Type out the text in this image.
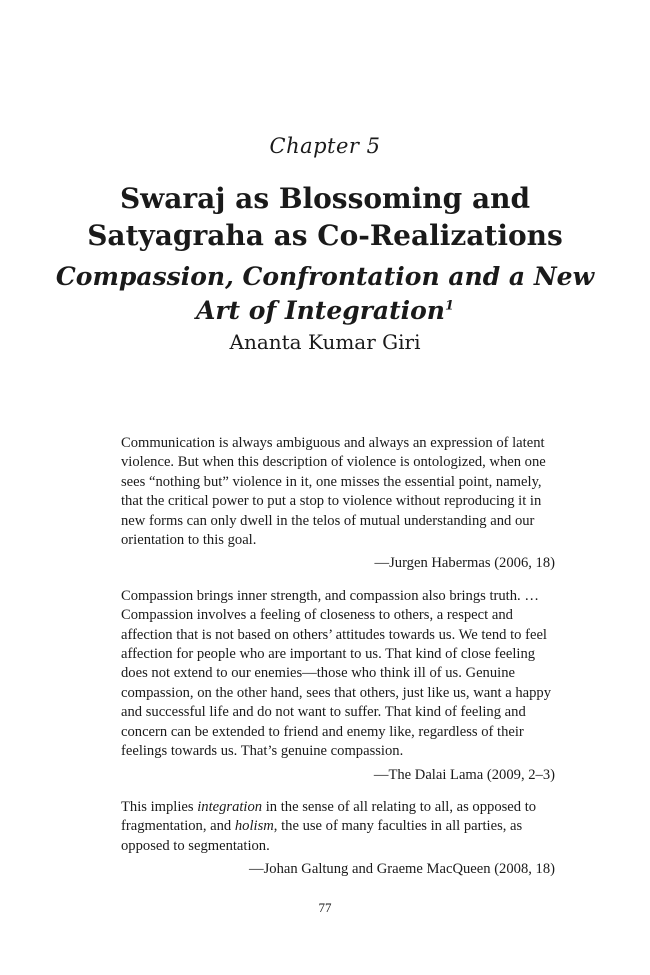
Chapter 5
Swaraj as Blossoming and
Satyagraha as Co-Realizations
Compassion, Confrontation and a New
Art of Integration$^1$
Ananta Kumar Giri

Communication is always ambiguous and always an expression of latent violence. But when this description of violence is ontologized, when one sees “nothing but” violence in it, one misses the essential point, namely, that the critical power to put a stop to violence without reproducing it in new forms can only dwell in the telos of mutual understanding and our orientation to this goal.

—Jurgen Habermas (2006, 18)

Compassion brings inner strength, and compassion also brings truth. … Compassion involves a feeling of closeness to others, a respect and affection that is not based on others’ attitudes towards us. We tend to feel affection for people who are important to us. That kind of close feeling does not extend to our enemies—those who think ill of us. Genuine compassion, on the other hand, sees that others, just like us, want a happy and successful life and do not want to suffer. That kind of feeling and concern can be extended to friend and enemy like, regardless of their feelings towards us. That’s genuine compassion.

—The Dalai Lama (2009, 2–3)

This implies integration in the sense of all relating to all, as opposed to fragmentation, and holism, the use of many faculties in all parties, as opposed to segmentation.

—Johan Galtung and Graeme MacQueen (2008, 18)

77
